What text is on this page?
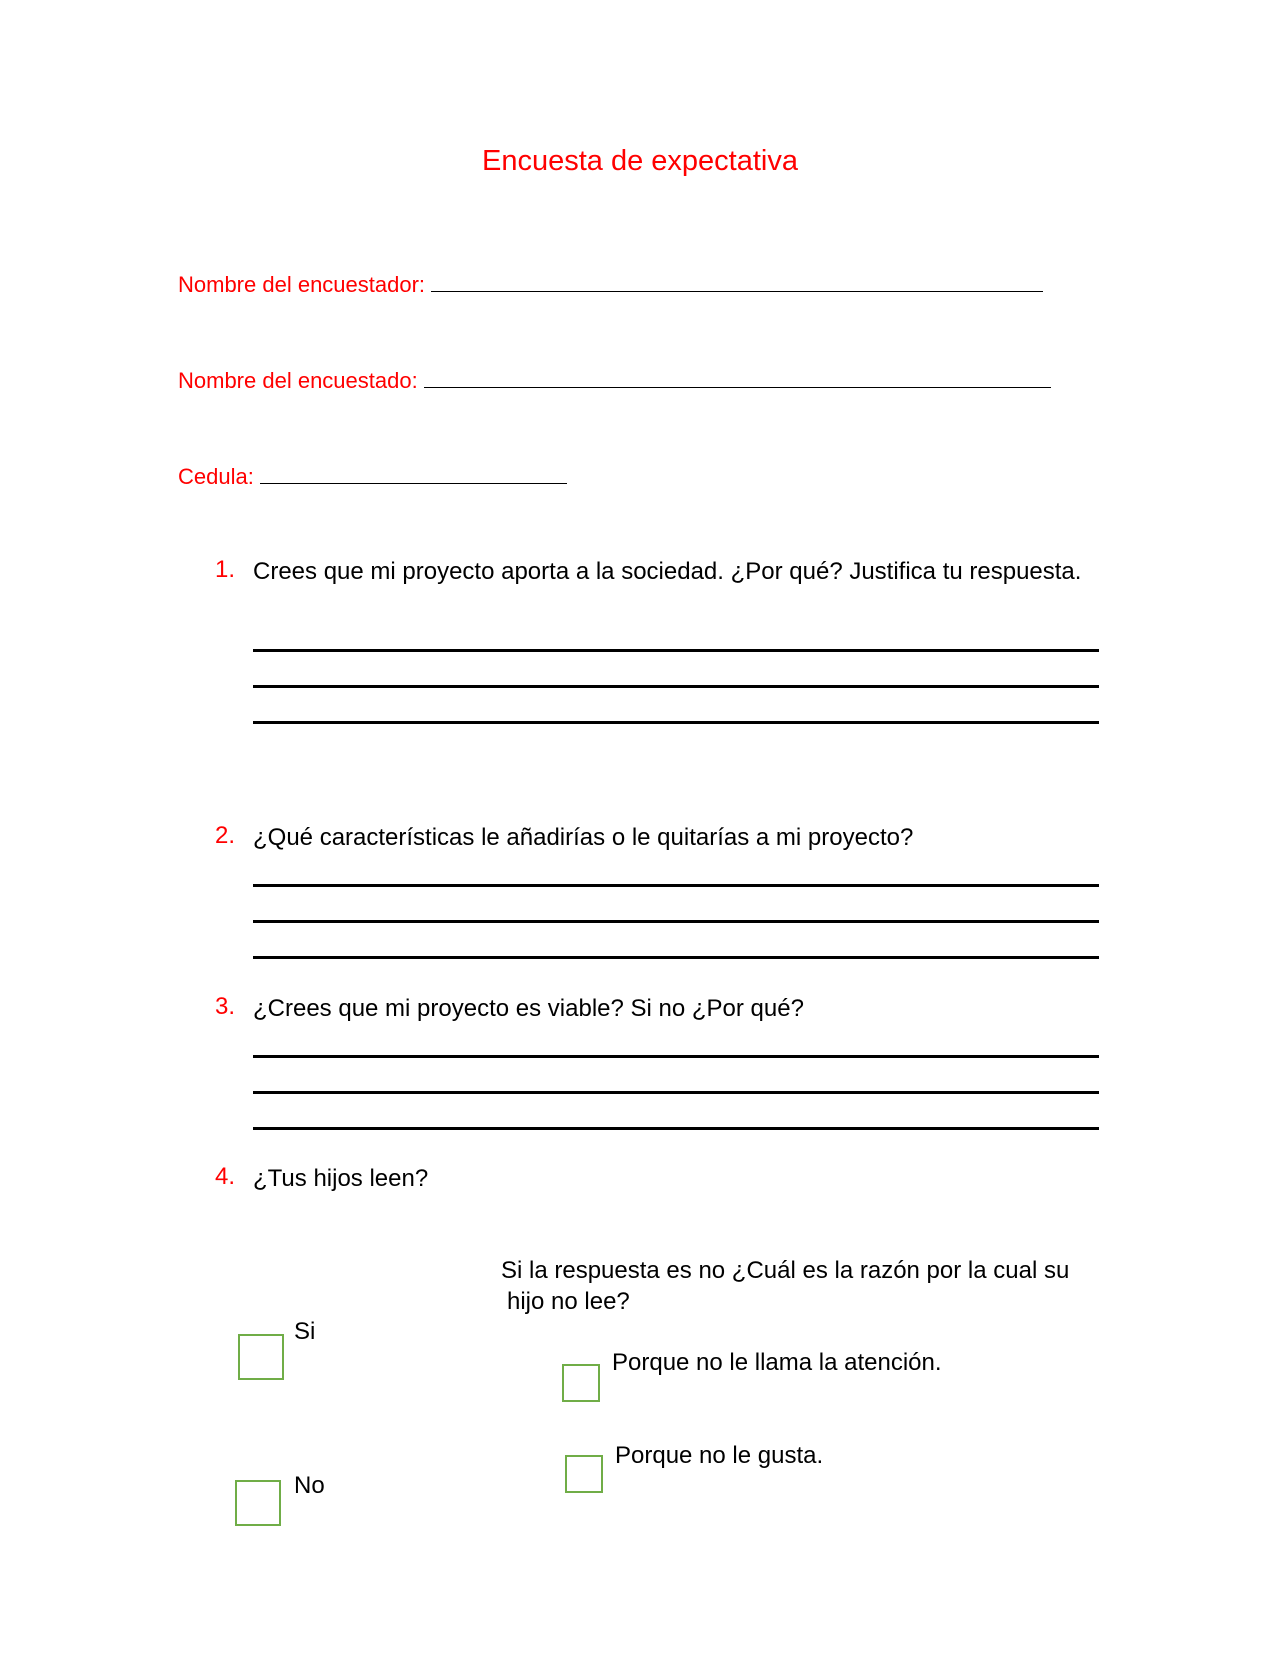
Encuesta de expectativa
Nombre del encuestador:
Nombre del encuestado:
Cedula:
1. Crees que mi proyecto aporta a la sociedad. ¿Por qué? Justifica tu respuesta.
2. ¿Qué características le añadirías o le quitarías a mi proyecto?
3. ¿Crees que mi proyecto es viable? Si no ¿Por qué?
4. ¿Tus hijos leen?
Si la respuesta es no ¿Cuál es la razón por la cual su
hijo no lee?
Si
No
Porque no le llama la atención.
Porque no le gusta.
